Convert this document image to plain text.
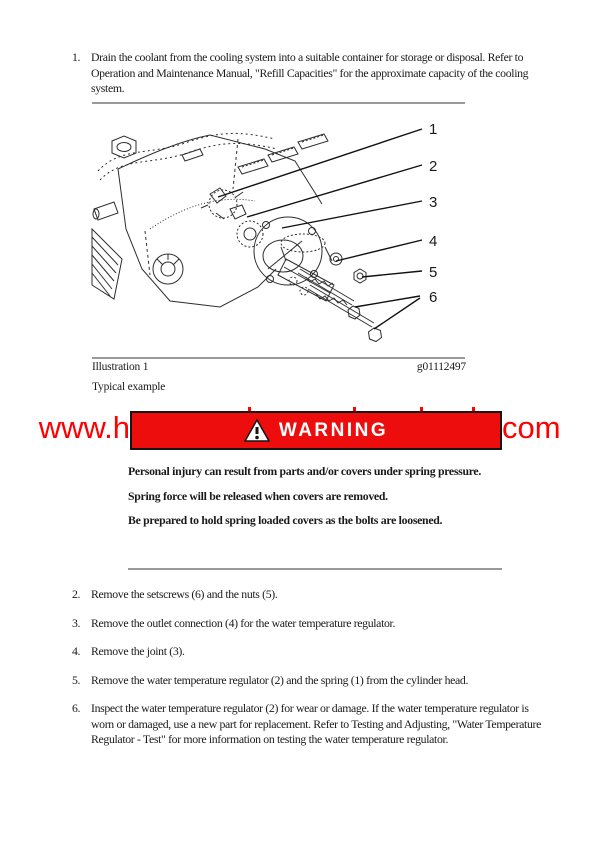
1. Drain the coolant from the cooling system into a suitable container for storage or disposal. Refer to Operation and Maintenance Manual, "Refill Capacities" for the approximate capacity of the cooling system.
1
2
3
4
5
6
Illustration 1	g01112497
Typical example
www.h	com
WARNING

Personal injury can result from parts and/or covers under spring pressure.

Spring force will be released when covers are removed.

Be prepared to hold spring loaded covers as the bolts are loosened.

2. Remove the setscrews (6) and the nuts (5).
3. Remove the outlet connection (4) for the water temperature regulator.
4. Remove the joint (3).
5. Remove the water temperature regulator (2) and the spring (1) from the cylinder head.
6. Inspect the water temperature regulator (2) for wear or damage. If the water temperature regulator is worn or damaged, use a new part for replacement. Refer to Testing and Adjusting, "Water Temperature Regulator - Test" for more information on testing the water temperature regulator.
